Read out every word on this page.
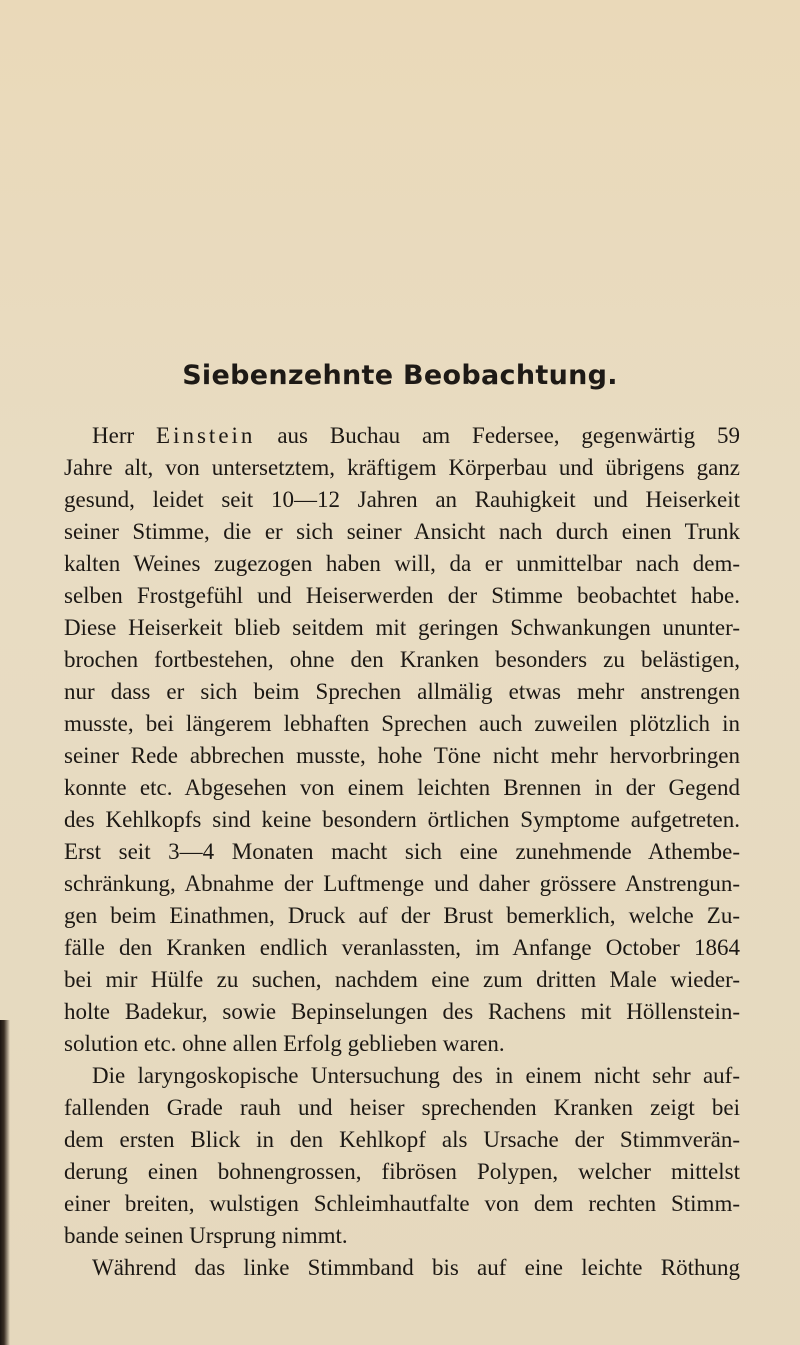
Siebenzehnte Beobachtung.
Herr Einstein aus Buchau am Federsee, gegenwärtig 59
Jahre alt, von untersetztem, kräftigem Körperbau und übrigens ganz
gesund, leidet seit 10—12 Jahren an Rauhigkeit und Heiserkeit
seiner Stimme, die er sich seiner Ansicht nach durch einen Trunk
kalten Weines zugezogen haben will, da er unmittelbar nach dem-
selben Frostgefühl und Heiserwerden der Stimme beobachtet habe.
Diese Heiserkeit blieb seitdem mit geringen Schwankungen ununter-
brochen fortbestehen, ohne den Kranken besonders zu belästigen,
nur dass er sich beim Sprechen allmälig etwas mehr anstrengen
musste, bei längerem lebhaften Sprechen auch zuweilen plötzlich in
seiner Rede abbrechen musste, hohe Töne nicht mehr hervorbringen
konnte etc. Abgesehen von einem leichten Brennen in der Gegend
des Kehlkopfs sind keine besondern örtlichen Symptome aufgetreten.
Erst seit 3—4 Monaten macht sich eine zunehmende Athembe-
schränkung, Abnahme der Luftmenge und daher grössere Anstrengun-
gen beim Einathmen, Druck auf der Brust bemerklich, welche Zu-
fälle den Kranken endlich veranlassten, im Anfange October 1864
bei mir Hülfe zu suchen, nachdem eine zum dritten Male wieder-
holte Badekur, sowie Bepinselungen des Rachens mit Höllenstein-
solution etc. ohne allen Erfolg geblieben waren.
Die laryngoskopische Untersuchung des in einem nicht sehr auf-
fallenden Grade rauh und heiser sprechenden Kranken zeigt bei
dem ersten Blick in den Kehlkopf als Ursache der Stimmverän-
derung einen bohnengrossen, fibrösen Polypen, welcher mittelst
einer breiten, wulstigen Schleimhautfalte von dem rechten Stimm-
bande seinen Ursprung nimmt.
Während das linke Stimmband bis auf eine leichte Röthung
